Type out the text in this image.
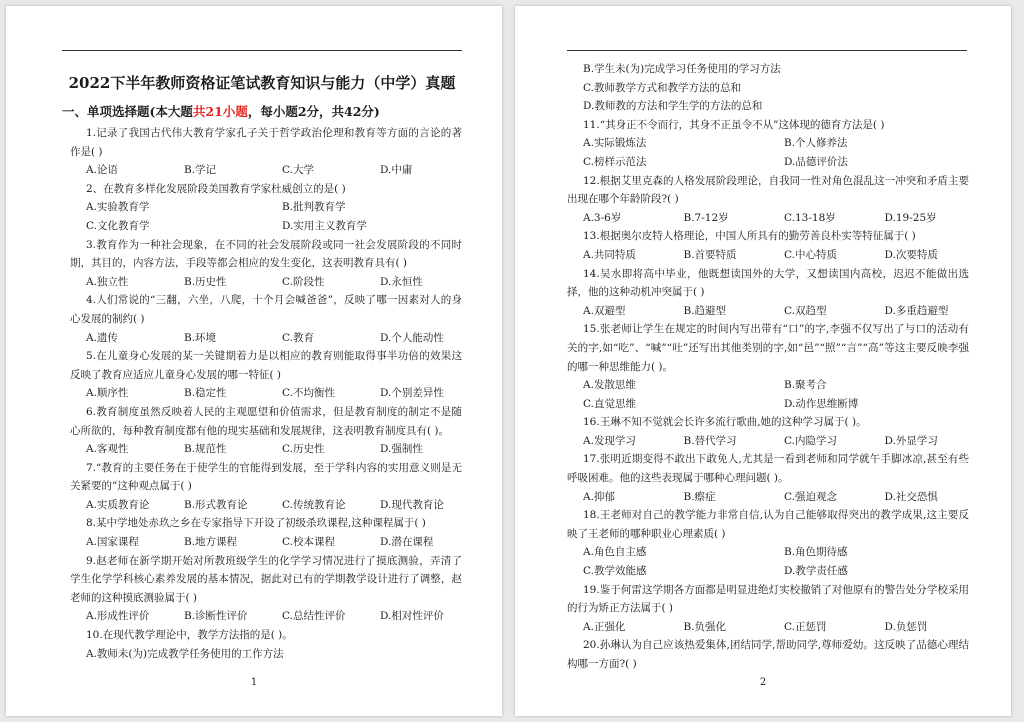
2022下半年教师资格证笔试教育知识与能力（中学）真题
一、单项选择题(本大题共21小题，每小题2分，共42分)

1.记录了我国古代伟大教育学家孔子关于哲学政治伦理和教育等方面的言论的著作是( )

A.论语	B.学记	C.大学	D.中庸

2、在教育多样化发展阶段美国教育学家杜威创立的是( )

A.实验教育学	B.批判教育学
C.文化教育学	D.实用主义教育学

3.教育作为一种社会现象，在不同的社会发展阶段或同一社会发展阶段的不同时期，其目的，内容方法，手段等都会相应的发生变化，这表明教育具有( )

A.独立性	B.历史性	C.阶段性	D.永恒性

4.人们常说的“三翻，六坐，八爬，十个月会喊爸爸”，反映了哪一因素对人的身心发展的制约( )

A.遗传	B.环境	C.教育	D.个人能动性

5.在儿童身心发展的某一关键期着力是以相应的教育则能取得事半功倍的效果这反映了教育应适应儿童身心发展的哪一特征( )

A.顺序性	B.稳定性	C.不均衡性	D.个别差异性

6.教育制度虽然反映着人民的主观愿望和价值需求，但是教育制度的制定不是随心所欲的，每种教育制度都有他的现实基础和发展规律，这表明教育制度具有( )。

A.客观性	B.规范性	C.历史性	D.强制性

7.“教育的主要任务在于使学生的官能得到发展，至于学科内容的实用意义则是无关紧要的”这种观点属于( )

A.实质教育论	B.形式教育论	C.传统教育论	D.现代教育论

8.某中学地处赤玖之乡在专家指导下开设了初级杀玖课程,这种课程属于( )

A.国家课程	B.地方课程	C.校本课程	D.潜在课程

9.赵老师在新学期开始对所教班级学生的化学学习情况进行了摸底测验，弄清了学生化学学科核心素养发展的基本情况，据此对已有的学期教学设计进行了调整，赵老师的这种摸底测验属于( )

A.形成性评价	B.诊断性评价	C.总结性评价	D.相对性评价

10.在现代教学理论中，教学方法指的是( )。

A.教师未(为)完成教学任务使用的工作方法
1
B.学生未(为)完成学习任务使用的学习方法
C.教师教学方式和教学方法的总和
D.教师教的方法和学生学的方法的总和

11.“其身正不令而行，其身不正虽令不从”这体现的德育方法是( )

A.实际锻炼法	B.个人修养法
C.榜样示范法	D.品德评价法

12.根据艾里克森的人格发展阶段理论，自我同一性对角色混乱这一冲突和矛盾主要出现在哪个年龄阶段?( )

A.3-6岁	B.7-12岁	C.13-18岁	D.19-25岁

13.根据奥尔皮特人格理论，中国人所具有的勤劳善良朴实等特征属于( )

A.共同特质	B.首要特质	C.中心特质	D.次要特质

14.吴水即将高中毕业，他既想读国外的大学，又想读国内高校，迟迟不能做出选择，他的这种动机冲突属于( )

A.双避型	B.趋避型	C.双趋型	D.多重趋避型

15.张老师让学生在规定的时间内写出带有“口”的字,李强不仅写出了与口的活动有关的字,如“吃”、“喊”“吐”还写出其他类别的字,如“邑”“照”“言”“高”等这主要反映李强的哪一种思维能力( )。

A.发散思维	B.聚考合
C.直觉思维	D.动作思维断博

16.王琳不知不觉就会长许多流行歌曲,她的这种学习属于( )。

A.发现学习	B.替代学习	C.内隐学习	D.外显学习

17.张明近期变得不敢出下敢免人,尤其是一看到老师和同学就午手脚冰凉,甚至有些呼吸困难。他的这些表现属于哪种心理问题( )。

A.抑郁	B.瘵症	C.强迫观念	D.社交恐惧

18.王老师对自己的教学能力非常自信,认为自己能够取得突出的教学成果,这主要反映了王老师的哪种职业心理素质( )

A.角色自主感	B.角色期待感
C.教学效能感	D.教学责任感

19.鉴于何雷这学期各方面都是明显进绝灯实校撤销了对他原有的警告处分学校采用的行为矫正方法属于( )

A.正强化	B.负强化	C.正惩罚	D.负惩罚

20.孙琳认为自己应该热爱集体,团结同学,帮助同学,尊师爱幼。这反映了品德心理结构哪一方面?( )

2
